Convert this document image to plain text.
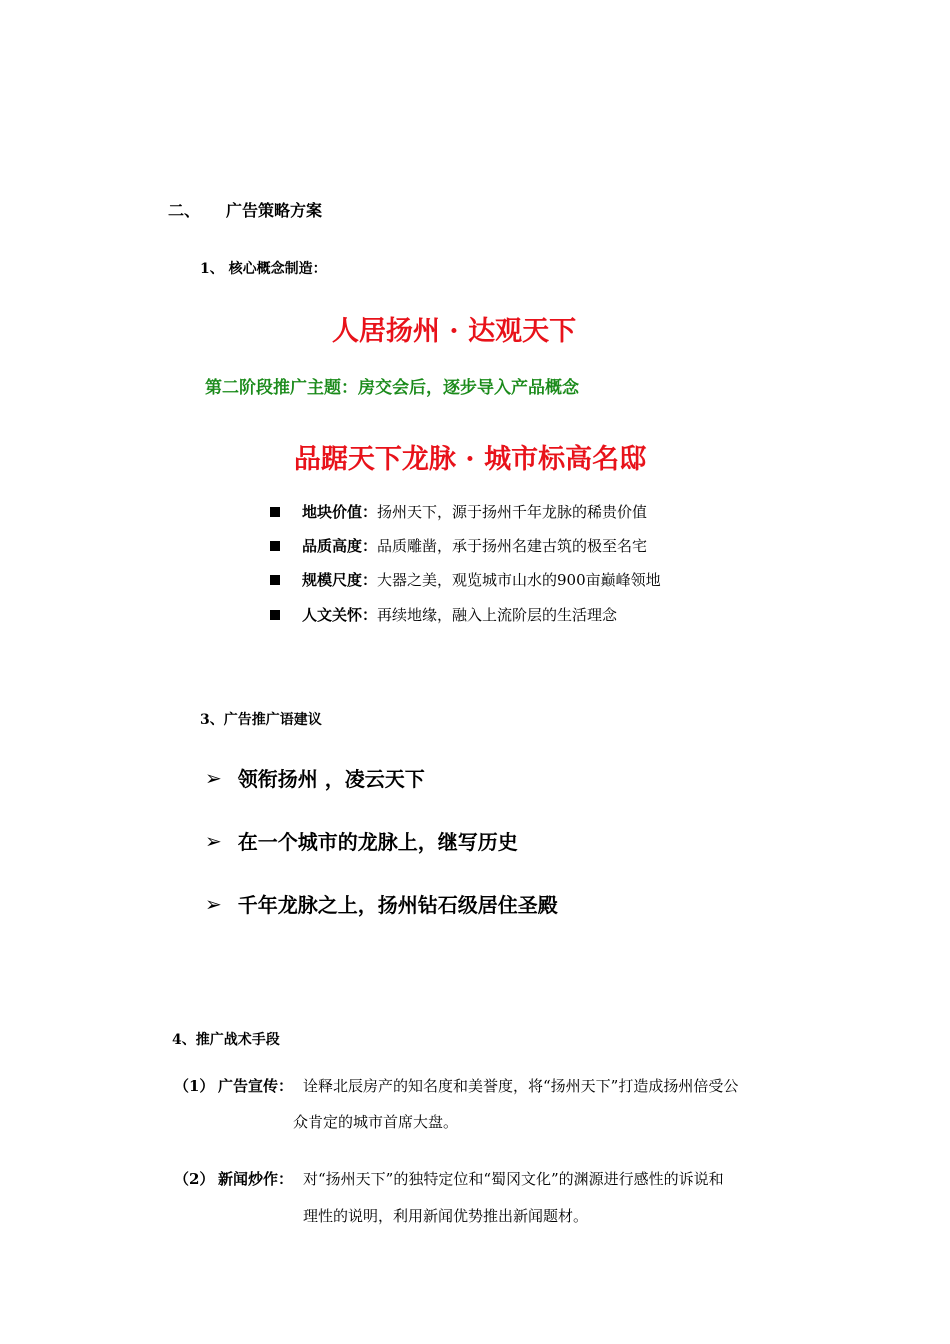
二、 广告策略方案
1、 核心概念制造：
人居扬州 · 达观天下
第二阶段推广主题：房交会后，逐步导入产品概念
品踞天下龙脉 · 城市标高名邸
地块价值： 扬州天下，源于扬州千年龙脉的稀贵价值
品质高度： 品质雕凿，承于扬州名建古筑的极至名宅
规模尺度： 大器之美，观览城市山水的900亩巅峰领地
人文关怀： 再续地缘，融入上流阶层的生活理念
3、广告推广语建议
➢ 领衔扬州 ，凌云天下
➢ 在一个城市的龙脉上，继写历史
➢ 千年龙脉之上，扬州钻石级居住圣殿
4、推广战术手段
（1） 广告宣传： 诠释北辰房产的知名度和美誉度，将“扬州天下”打造成扬州倍受公
众肯定的城市首席大盘。
（2） 新闻炒作： 对“扬州天下”的独特定位和“蜀冈文化”的渊源进行感性的诉说和
理性的说明，利用新闻优势推出新闻题材。
